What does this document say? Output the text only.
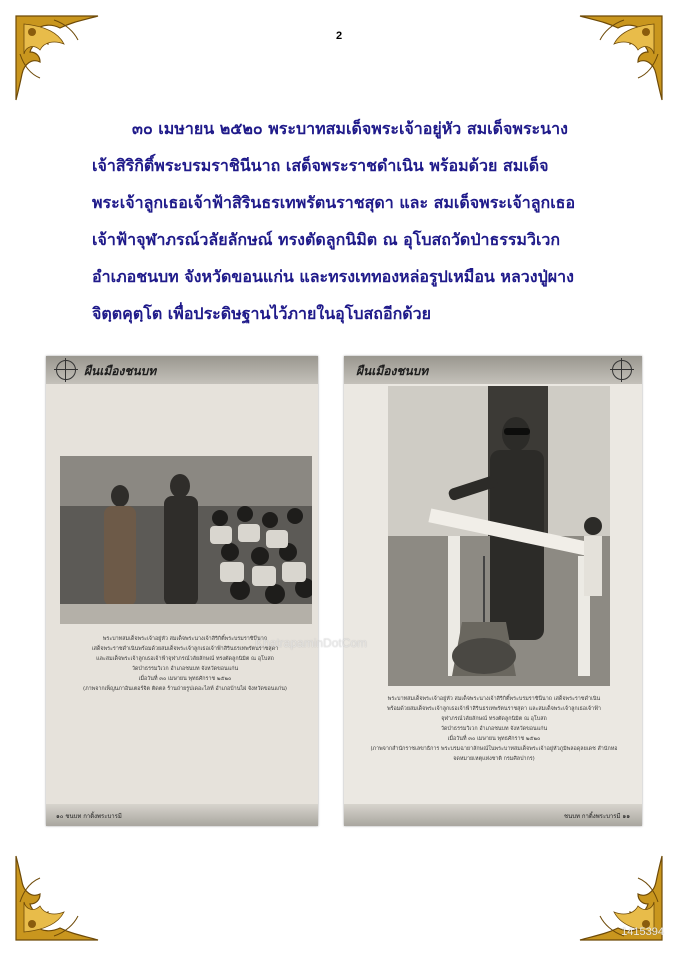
2

๓๐ เมษายน ๒๕๒๐ พระบาทสมเด็จพระเจ้าอยู่หัว สมเด็จพระนาง
เจ้าสิริกิติ์พระบรมราชินีนาถ เสด็จพระราชดำเนิน พร้อมด้วย สมเด็จ
พระเจ้าลูกเธอเจ้าฟ้าสิรินธรเทพรัตนราชสุดา และ สมเด็จพระเจ้าลูกเธอ
เจ้าฟ้าจุฬาภรณ์วลัยลักษณ์ ทรงตัดลูกนิมิต ณ อุโบสถวัดป่าธรรมวิเวก
อำเภอชนบท จังหวัดขอนแก่น และทรงเททองหล่อรูปเหมือน หลวงปู่ผาง
จิตฺตคุตฺโต เพื่อประดิษฐานไว้ภายในอุโบสถอีกด้วย

ผืนเมืองชนบท

พระบาทสมเด็จพระเจ้าอยู่หัว สมเด็จพระนางเจ้าสิริกิติ์พระบรมราชินีนาถ
เสด็จพระราชดำเนินพร้อมด้วยสมเด็จพระเจ้าลูกเธอเจ้าฟ้าสิรินธรเทพรัตนราชสุดา
และสมเด็จพระเจ้าลูกเธอเจ้าฟ้าจุฬาภรณ์วลัยลักษณ์ ทรงตัดลูกนิมิต ณ อุโบสถ
วัดป่าธรรมวิเวก อำเภอชนบท จังหวัดขอนแก่น
เมื่อวันที่ ๓๐ เมษายน พุทธศักราช ๒๕๒๐
(ภาพจากเพ็ญนภาอินเตอร์จิต ติดตล ร้านถ่ายรูปเดอะไลท์ อำเภอบ้านไผ่ จังหวัดขอนแก่น)

๑๐ ชนบท กาดิ้งพระบารมี
ผืนเมืองชนบท

พระบาทสมเด็จพระเจ้าอยู่หัว สมเด็จพระนางเจ้าสิริกิติ์พระบรมราชินีนาถ เสด็จพระราชดำเนิน
พร้อมด้วยสมเด็จพระเจ้าลูกเธอเจ้าฟ้าสิรินธรเทพรัตนราชสุดา และสมเด็จพระเจ้าลูกเธอเจ้าฟ้า
จุฬาภรณ์วลัยลักษณ์ ทรงตัดลูกนิมิต ณ อุโบสถ
วัดป่าธรรมวิเวก อำเภอชนบท จังหวัดขอนแก่น
เมื่อวันที่ ๓๐ เมษายน พุทธศักราช ๒๕๒๐
(ภาพจากสำนักราชเลขาธิการ พระบรมฉายาลักษณ์ในพระบาทสมเด็จพระเจ้าอยู่หัวภูมิพลอดุลยเดช สำนักหอจดหมายเหตุแห่งชาติ กรมศิลปากร)

ชนบท กาดิ้งพระบารมี ๑๑
KhatrapaminDotCom
1415394
